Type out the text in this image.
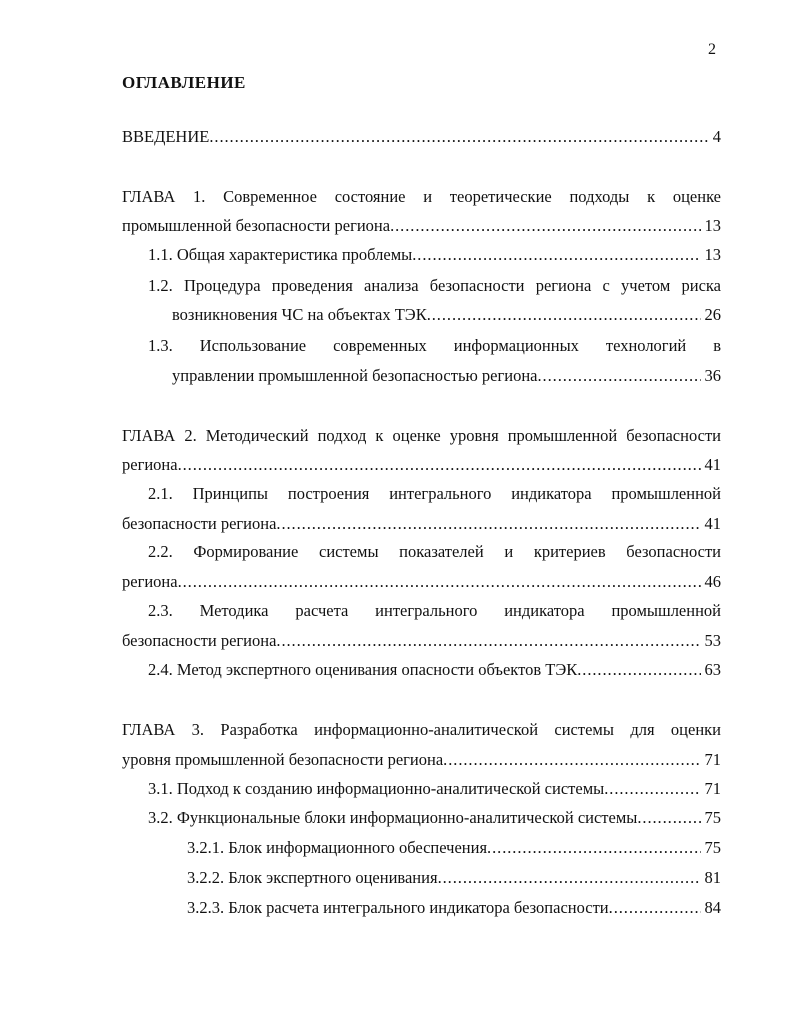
2
ОГЛАВЛЕНИЕ
ВВЕДЕНИЕ . . .	4
ГЛАВА 1. Современное состояние и теоретические подходы к оценке
промышленной безопасности региона . . .	13
1.1. Общая характеристика проблемы . . .	13
1.2. Процедура проведения анализа безопасности региона с учетом риска
возникновения ЧС на объектах ТЭК . . .	26
1.3. Использование современных информационных технологий в
управлении промышленной безопасностью региона . . .	36
ГЛАВА 2. Методический подход к оценке уровня промышленной безопасности
региона . . .	41
2.1. Принципы построения интегрального индикатора промышленной
безопасности региона . . .	41
2.2. Формирование системы показателей и критериев безопасности
региона . . .	46
2.3. Методика расчета интегрального индикатора промышленной
безопасности региона . . .	53
2.4. Метод экспертного оценивания опасности объектов ТЭК . . .	63
ГЛАВА 3. Разработка информационно-аналитической системы для оценки
уровня промышленной безопасности региона . . .	71
3.1. Подход к созданию информационно-аналитической системы . . .	71
3.2. Функциональные блоки информационно-аналитической системы . . .	75
3.2.1. Блок информационного обеспечения . . .	75
3.2.2. Блок экспертного оценивания . . .	81
3.2.3. Блок расчета интегрального индикатора безопасности . . .	84
